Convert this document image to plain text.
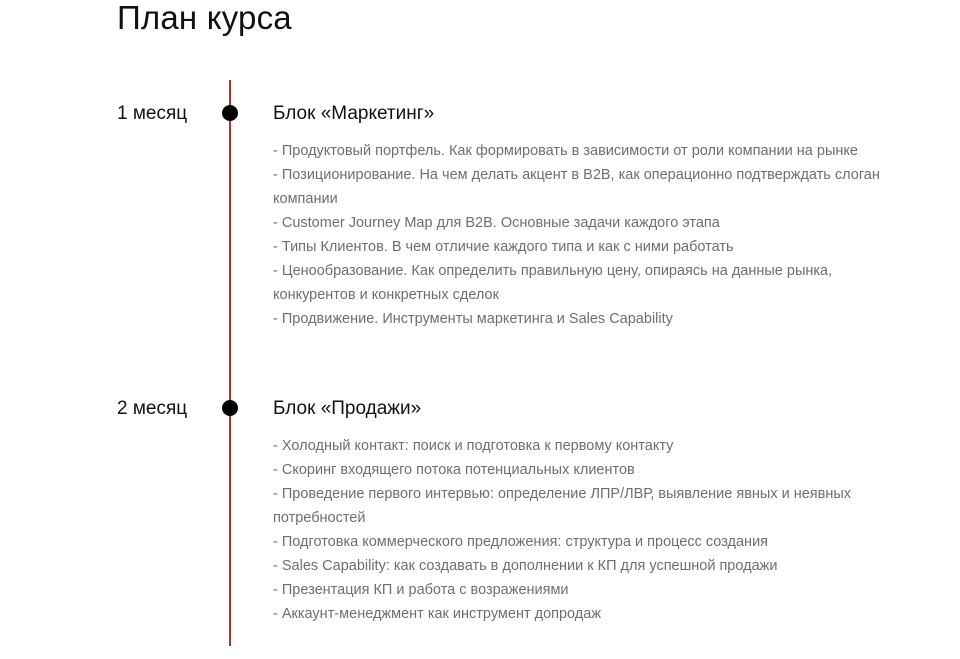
План курса
1 месяц	Блок «Маркетинг»
- Продуктовый портфель. Как формировать в зависимости от роли компании на рынке
- Позиционирование. На чем делать акцент в B2B, как операционно подтверждать слоган компании
- Customer Journey Map для B2B. Основные задачи каждого этапа
- Типы Клиентов. В чем отличие каждого типа и как с ними работать
- Ценообразование. Как определить правильную цену, опираясь на данные рынка, конкурентов и конкретных сделок
- Продвижение. Инструменты маркетинга и Sales Capability
2 месяц	Блок «Продажи»
- Холодный контакт: поиск и подготовка к первому контакту
- Скоринг входящего потока потенциальных клиентов
- Проведение первого интервью: определение ЛПР/ЛВР, выявление явных и неявных потребностей
- Подготовка коммерческого предложения: структура и процесс создания
- Sales Capability: как создавать в дополнении к КП для успешной продажи
- Презентация КП и работа с возражениями
- Аккаунт-менеджмент как инструмент допродаж
